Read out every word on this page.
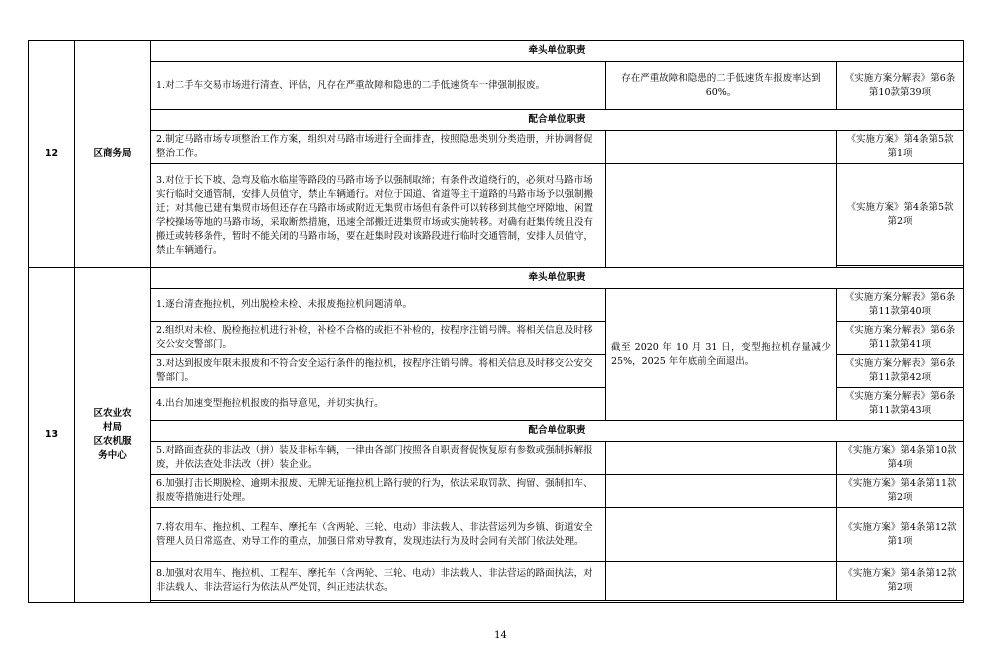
12	区商务局	牵头单位职责		
		1.对二手车交易市场进行清查、评估，凡存在严重故障和隐患的二手低速货车一律强制报废。	存在严重故障和隐患的二手低速货车报废率达到 60%。	《实施方案分解表》第6条第10款第39项
		配合单位职责		
		2.制定马路市场专项整治工作方案，组织对马路市场进行全面排查，按照隐患类别分类造册，并协调督促整治工作。		《实施方案》第4条第5款第1项
		3.对位于长下坡、急弯及临水临崖等路段的马路市场予以强制取缔；有条件改道绕行的，必须对马路市场实行临时交通管制，安排人员值守，禁止车辆通行。对位于国道、省道等主干道路的马路市场予以强制搬迁；对其他已建有集贸市场但还存在马路市场或附近无集贸市场但有条件可以转移到其他空坪隙地、闲置学校操场等地的马路市场，采取断然措施，迅速全部搬迁进集贸市场或实施转移。对确有赶集传统且没有搬迁或转移条件，暂时不能关闭的马路市场，要在赶集时段对该路段进行临时交通管制，安排人员值守，禁止车辆通行。		《实施方案》第4条第5款第2项

13	区农业农
村局
区农机服
务中心	牵头单位职责		
		1.逐台清查拖拉机，列出脱检未检、未报废拖拉机问题清单。	截至 2020 年 10 月 31 日，变型拖拉机存量减少 25%，2025 年年底前全面退出。	《实施方案分解表》第6条第11款第40项
		2.组织对未检、脱检拖拉机进行补检，补检不合格的或拒不补检的，按程序注销号牌。将相关信息及时移交公安交警部门。		《实施方案分解表》第6条第11款第41项
		3.对达到报废年限未报废和不符合安全运行条件的拖拉机，按程序注销号牌。将相关信息及时移交公安交警部门。		《实施方案分解表》第6条第11款第42项
		4.出台加速变型拖拉机报废的指导意见，并切实执行。		《实施方案分解表》第6条第11款第43项
		配合单位职责		
		5.对路面查获的非法改（拼）装及非标车辆，一律由各部门按照各自职责督促恢复原有参数或强制拆解报废，并依法查处非法改（拼）装企业。		《实施方案》第4条第10款第4项
		6.加强打击长期脱检、逾期未报废、无牌无证拖拉机上路行驶的行为，依法采取罚款、拘留、强制扣车、报废等措施进行处理。		《实施方案》第4条第11款第2项
		7.将农用车、拖拉机、工程车、摩托车（含两轮、三轮、电动）非法载人、非法营运列为乡镇、街道安全管理人员日常巡查、劝导工作的重点，加强日常劝导教育，发现违法行为及时会同有关部门依法处理。		《实施方案》第4条第12款第1项
		8.加强对农用车、拖拉机、工程车、摩托车（含两轮、三轮、电动）非法载人、非法营运的路面执法，对非法载人、非法营运行为依法从严处罚，纠正违法状态。		《实施方案》第4条第12款第2项

14
